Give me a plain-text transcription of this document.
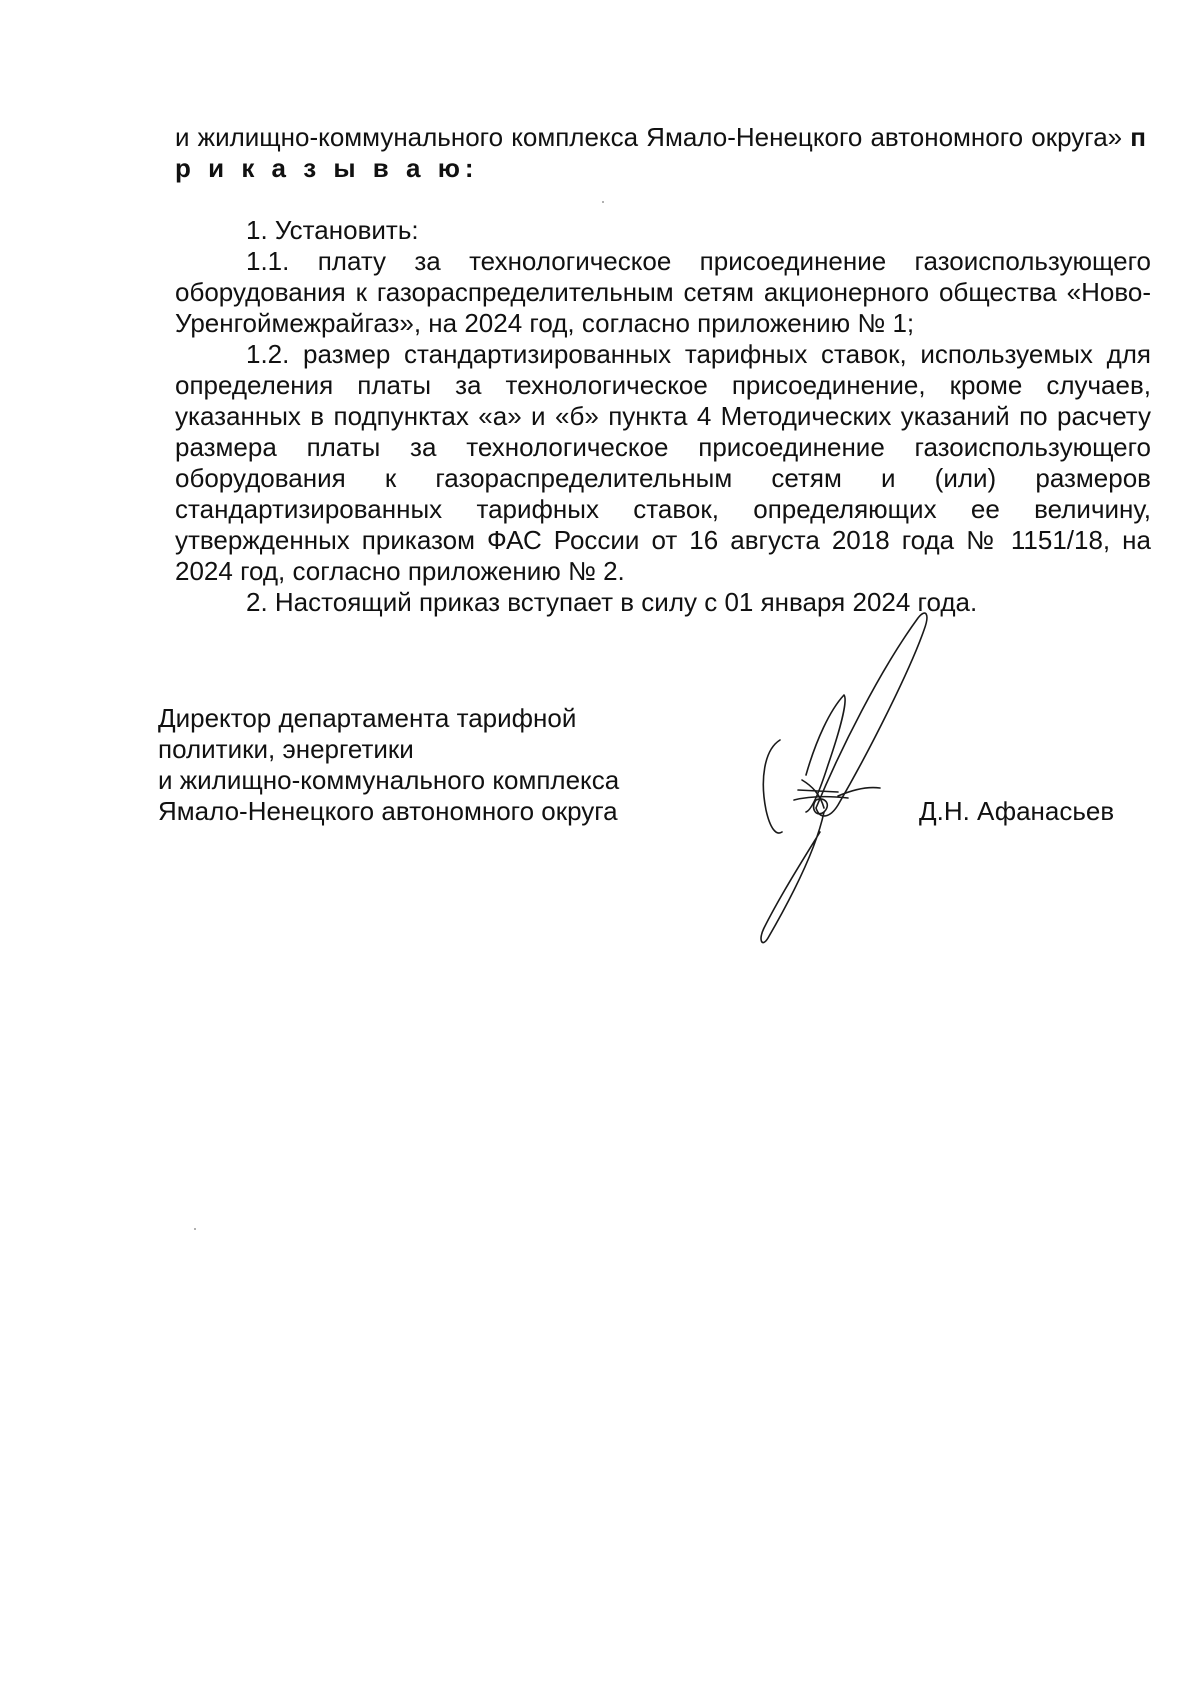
и жилищно-коммунального комплекса Ямало-Ненецкого автономного округа» п р и к а з ы в а ю:

1. Установить:

1.1. плату за технологическое присоединение газоиспользующего оборудования к газораспределительным сетям акционерного общества «Ново-Уренгоймежрайгаз», на 2024 год, согласно приложению № 1;

1.2. размер стандартизированных тарифных ставок, используемых для определения платы за технологическое присоединение, кроме случаев, указанных в подпунктах «а» и «б» пункта 4 Методических указаний по расчету размера платы за технологическое присоединение газоиспользующего оборудования к газораспределительным сетям и (или) размеров стандартизированных тарифных ставок, определяющих ее величину, утвержденных приказом ФАС России от 16 августа 2018 года № 1151/18, на 2024 год, согласно приложению № 2.

2. Настоящий приказ вступает в силу с 01 января 2024 года.

Директор департамента тарифной
политики, энергетики
и жилищно-коммунального комплекса
Ямало-Ненецкого автономного округа	Д.Н. Афанасьев
